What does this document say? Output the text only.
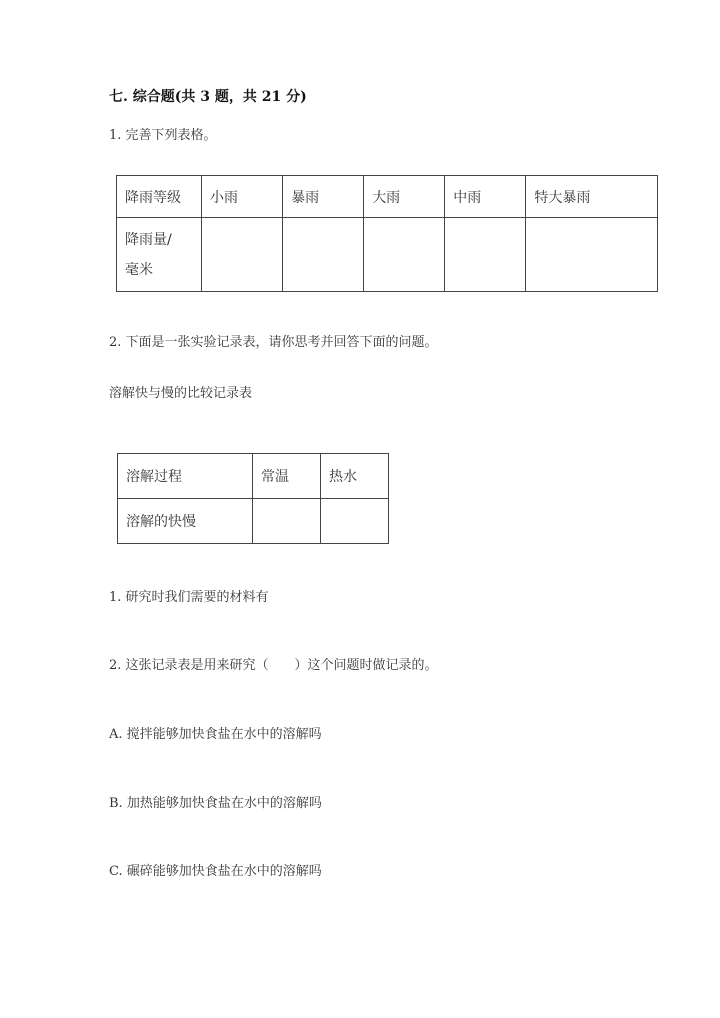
七. 综合题(共 3 题，共 21 分)
1. 完善下列表格。
降雨等级	小雨	暴雨	大雨	中雨	特大暴雨

降雨量/
毫米					

2. 下面是一张实验记录表，请你思考并回答下面的问题。
溶解快与慢的比较记录表
溶解过程	常温	热水
溶解的快慢		
1. 研究时我们需要的材料有
2. 这张记录表是用来研究（　　）这个问题时做记录的。
A. 搅拌能够加快食盐在水中的溶解吗
B. 加热能够加快食盐在水中的溶解吗
C. 碾碎能够加快食盐在水中的溶解吗
